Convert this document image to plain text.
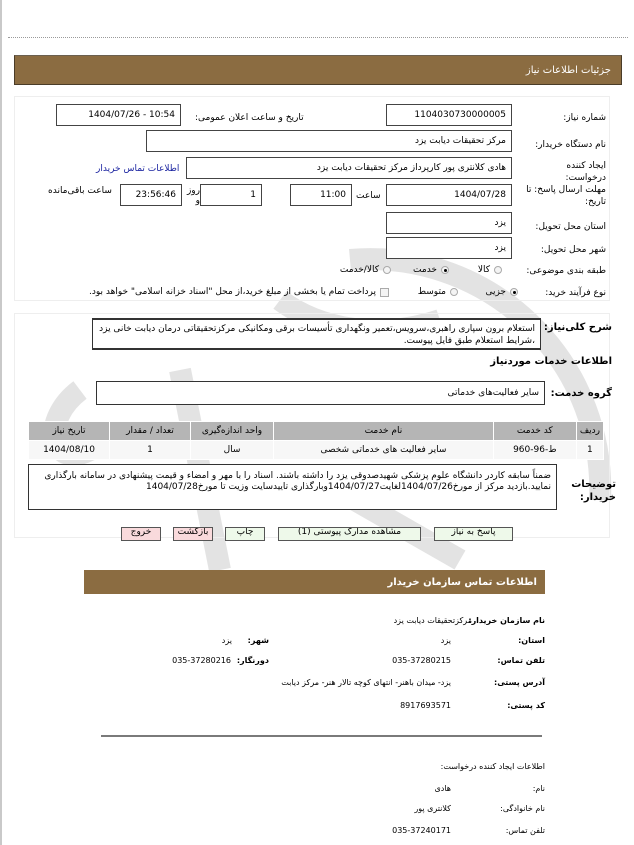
جزئیات اطلاعات نیاز
شماره نیاز:
1104030730000005
تاریخ و ساعت اعلان عمومی:
1404/07/26 - 10:54
نام دستگاه خریدار:
مرکز تحقیقات دیابت یزد
ایجاد کننده درخواست:
هادی کلانتری پور کارپرداز مرکز تحقیقات دیابت یزد
اطلاعات تماس خریدار
مهلت ارسال پاسخ: تا تاریخ:
1404/07/28
ساعت
11:00
روز و
1
23:56:46
ساعت باقی‌مانده
استان محل تحویل:
یزد
شهر محل تحویل:
یزد
طبقه بندی موضوعی:
کالا
خدمت
کالا/خدمت
نوع فرآیند خرید:
جزیی
متوسط
پرداخت تمام یا بخشی از مبلغ خرید،از محل "اسناد خزانه اسلامی" خواهد بود.
شرح کلی‌نیاز:
استعلام برون سپاری راهبری،سرویس،تعمیر ونگهداری تأسیسات برقی ومکانیکی مرکزتحقیقاتی درمان دیابت خانی یزد ،شرایط استعلام طبق فایل پیوست.
اطلاعات خدمات موردنیاز
گروه خدمت:
سایر فعالیت‌های خدماتی
ردیف	کد خدمت	نام خدمت	واحد اندازه‌گیری	تعداد / مقدار	تاریخ نیاز
1	ط-96-960	سایر فعالیت های خدماتی شخصی	سال	1	1404/08/10
توضیحات خریدار:
ضمناً سابقه کاردر دانشگاه علوم پزشکی شهیدصدوقی یزد را داشته باشند. اسناد را با مهر و امضاء و قیمت پیشنهادی در سامانه بارگذاری نمایید.بازدید مرکز از مورخ1404/07/26لغایت1404/07/27وبارگذاری تاییدسایت وزیت تا مورخ1404/07/28
پاسخ به نیاز
مشاهده مدارک پیوستی (1)
چاپ
بازگشت
خروج
اطلاعات تماس سازمان خریدار
نام سازمان خریدار:
مرکزتحقیقات دیابت یزد
استان:
یزد
شهر:
یزد
تلفن تماس:
035-37280215
دورنگار:
035-37280216
آدرس پستی:
یزد- میدان باهنر- انتهای کوچه تالار هنر- مرکز دیابت
کد پستی:
8917693571
اطلاعات ایجاد کننده درخواست:
نام:
هادی
نام خانوادگی:
کلانتری پور
تلفن تماس:
035-37240171
